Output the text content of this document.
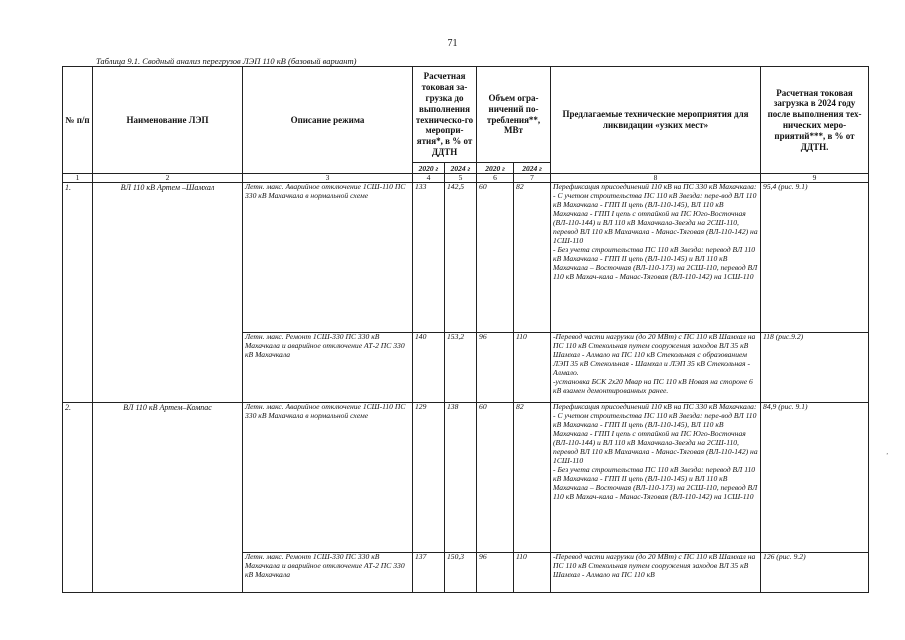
71
Таблица 9.1. Сводный анализ перегрузов ЛЭП 110 кВ (базовый вариант)
№ п/п	Наименование ЛЭП	Описание режима	Расчетная токовая за-грузка до выполнения техническо-го меропри-ятия*, в % от ДДТН		Объем огра-ничений по-требления**, МВт		Предлагаемые технические мероприятия для ликвидации «узких мест»	Расчетная токовая загрузка в 2024 году после выполнения тех-нических меро-приятий***, в % от ДДТН.
			2020 г	2024 г	2020 г	2024 г		
1	2	3	4	5	6	7	8	9
1.	ВЛ 110 кВ Артем –Шамхал	Летн. макс. Аварийное отключение 1СШ-110 ПС 330 кВ Махачкала в нормальной схеме	133	142,5	60	82	Перефиксация присоединений 110 кВ на ПС 330 кВ Махачкала:
- С учетом строительства ПС 110 кВ Звезда: пере-вод ВЛ 110 кВ Махачкала - ГПП II цепь (ВЛ-110-145), ВЛ 110 кВ Махачкала - ГПП I цепь с отпайкой на ПС Юго-Восточная (ВЛ-110-144) и ВЛ 110 кВ Махачкала-Звезда на 2СШ-110, перевод ВЛ 110 кВ Махачкала - Манас-Тяговая (ВЛ-110-142) на 1СШ-110
- Без учета строительства ПС 110 кВ Звезда: перевод ВЛ 110 кВ Махачкала - ГПП II цепь (ВЛ-110-145) и ВЛ 110 кВ Махачкала – Восточная (ВЛ-110-173) на 2СШ-110, перевод ВЛ 110 кВ Махач-кала - Манас-Тяговая (ВЛ-110-142) на 1СШ-110	95,4 (рис. 9.1)
		Летн. макс. Ремонт 1СШ-330 ПС 330 кВ Махачкала и аварийное отключение АТ-2 ПС 330 кВ Махачкала	140	153,2	96	110	-Перевод части нагрузки (до 20 МВт) с ПС 110 кВ Шамхал на ПС 110 кВ Стекольная путем сооружения заходов ВЛ 35 кВ Шамхал - Алмало на ПС 110 кВ Стекольная с образованием ЛЭП 35 кВ Стекольная - Шамхал и ЛЭП 35 кВ Стекольная - Алмало.
-установка БСК 2х20 Мвар на ПС 110 кВ Новая на стороне 6 кВ взамен демонтированных ранее.	118 (рис.9.2)
2.	ВЛ 110 кВ Артем–Компас	Летн. макс. Аварийное отключение 1СШ-110 ПС 330 кВ Махачкала в нормальной схеме	129	138	60	82	Перефиксация присоединений 110 кВ на ПС 330 кВ Махачкала:
- С учетом строительства ПС 110 кВ Звезда: пере-вод ВЛ 110 кВ Махачкала - ГПП II цепь (ВЛ-110-145), ВЛ 110 кВ Махачкала - ГПП I цепь с отпайкой на ПС Юго-Восточная (ВЛ-110-144) и ВЛ 110 кВ Махачкала-Звезда на 2СШ-110, перевод ВЛ 110 кВ Махачкала - Манас-Тяговая (ВЛ-110-142) на 1СШ-110
- Без учета строительства ПС 110 кВ Звезда: перевод ВЛ 110 кВ Махачкала - ГПП II цепь (ВЛ-110-145) и ВЛ 110 кВ Махачкала – Восточная (ВЛ-110-173) на 2СШ-110, перевод ВЛ 110 кВ Махач-кала - Манас-Тяговая (ВЛ-110-142) на 1СШ-110	84,9 (рис. 9.1)
		Летн. макс. Ремонт 1СШ-330 ПС 330 кВ Махачкала и аварийное отключение АТ-2 ПС 330 кВ Махачкала	137	150,3	96	110	-Перевод части нагрузки (до 20 МВт) с ПС 110 кВ Шамхал на ПС 110 кВ Стекольная путем сооружения заходов ВЛ 35 кВ Шамхал - Алмало на ПС 110 кВ	126 (рис. 9.2)
’
